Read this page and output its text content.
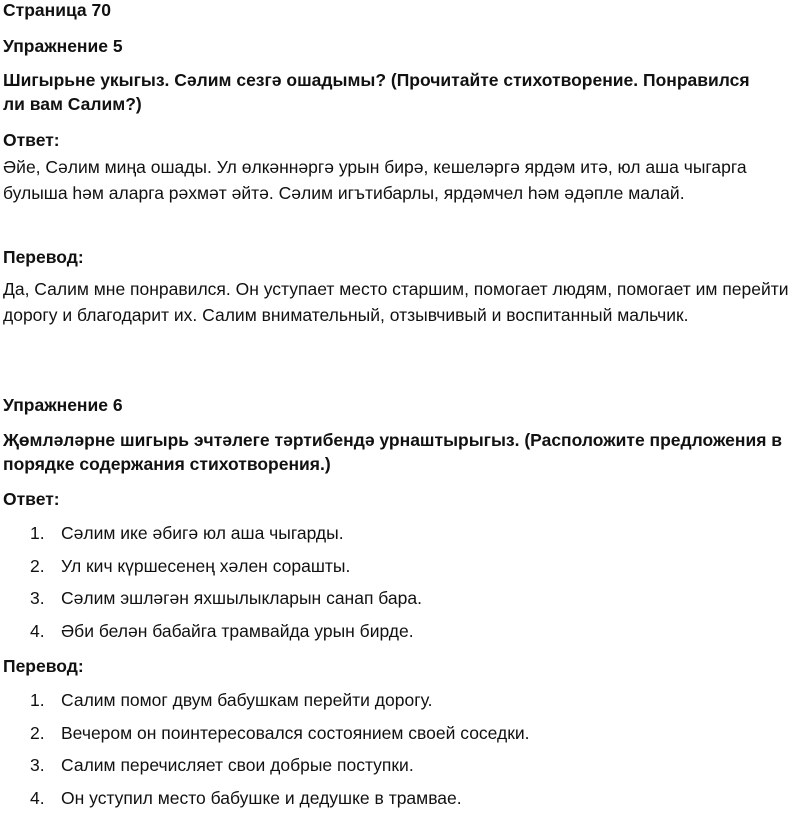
Страница 70
Упражнение 5
Шигырьне укыгыз. Сәлим сезгә ошадымы? (Прочитайте стихотворение. Понравился ли вам Салим?)
Ответ:
Әйе, Сәлим миңа ошады. Ул өлкәннәргә урын бирә, кешеләргә ярдәм итә, юл аша чыгарга булыша һәм аларга рәхмәт әйтә. Сәлим игътибарлы, ярдәмчел һәм әдәпле малай.
Перевод:
Да, Салим мне понравился. Он уступает место старшим, помогает людям, помогает им перейти дорогу и благодарит их. Салим внимательный, отзывчивый и воспитанный мальчик.
Упражнение 6
Җөмләләрне шигырь эчтәлеге тәртибендә урнаштырыгыз. (Расположите предложения в порядке содержания стихотворения.)
Ответ:
1. Сәлим ике әбигә юл аша чыгарды.
2. Ул кич күршесенең хәлен сорашты.
3. Сәлим эшләгән яхшылыкларын санап бара.
4. Әби белән бабайга трамвайда урын бирде.
Перевод:
1. Салим помог двум бабушкам перейти дорогу.
2. Вечером он поинтересовался состоянием своей соседки.
3. Салим перечисляет свои добрые поступки.
4. Он уступил место бабушке и дедушке в трамвае.
